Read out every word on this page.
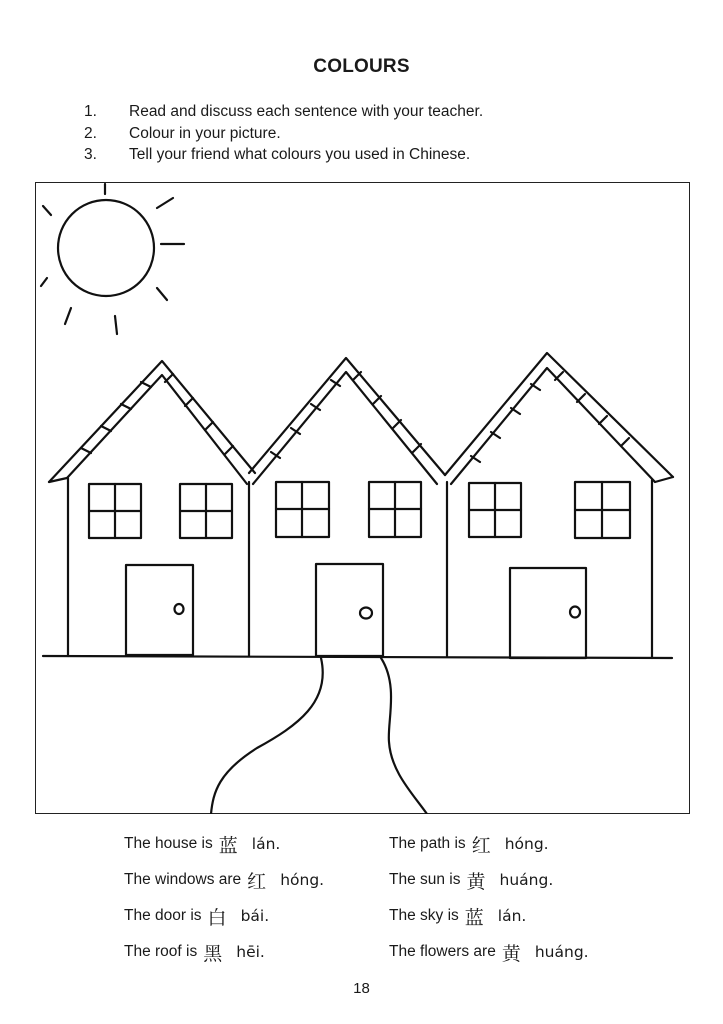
COLOURS
1.	Read and discuss each sentence with your teacher.
2.	Colour in your picture.
3.	Tell your friend what colours you used in Chinese.
The house is 蓝 lán.
The windows are 红 hóng.
The door is 白 bái.
The roof is 黑 hēi.
The path is 红 hóng.
The sun is 黄 huáng.
The sky is 蓝 lán.
The flowers are 黄 huáng.
18
